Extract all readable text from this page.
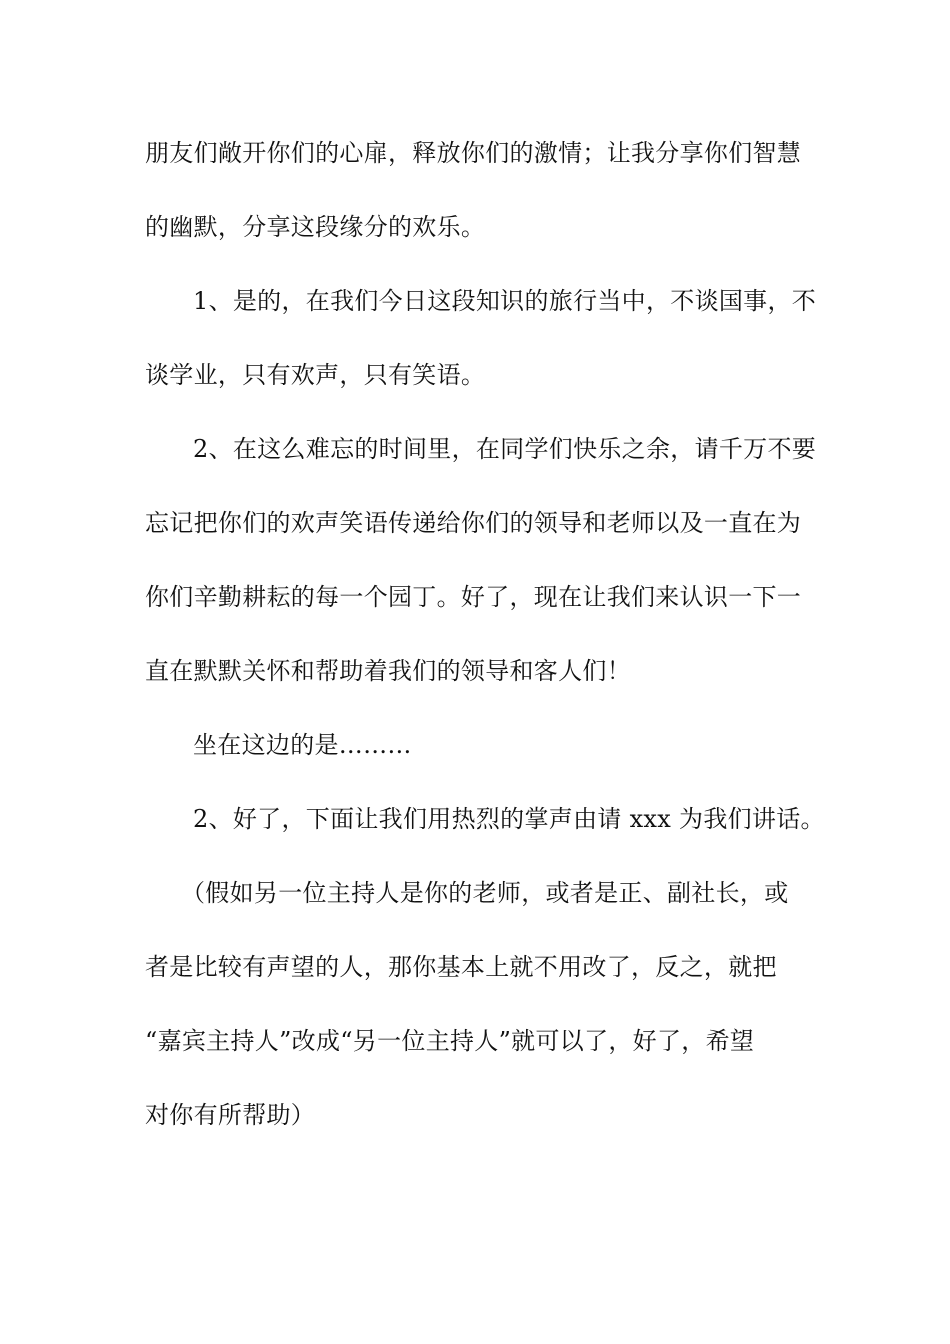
朋友们敞开你们的心扉，释放你们的激情；让我分享你们智慧
的幽默，分享这段缘分的欢乐。
1、是的，在我们今日这段知识的旅行当中，不谈国事，不
谈学业，只有欢声，只有笑语。
2、在这么难忘的时间里，在同学们快乐之余，请千万不要
忘记把你们的欢声笑语传递给你们的领导和老师以及一直在为
你们辛勤耕耘的每一个园丁。好了，现在让我们来认识一下一
直在默默关怀和帮助着我们的领导和客人们！
坐在这边的是………
2、好了，下面让我们用热烈的掌声由请 xxx 为我们讲话。
（假如另一位主持人是你的老师，或者是正、副社长，或
者是比较有声望的人，那你基本上就不用改了，反之，就把
“嘉宾主持人”改成“另一位主持人”就可以了，好了，希望
对你有所帮助）
